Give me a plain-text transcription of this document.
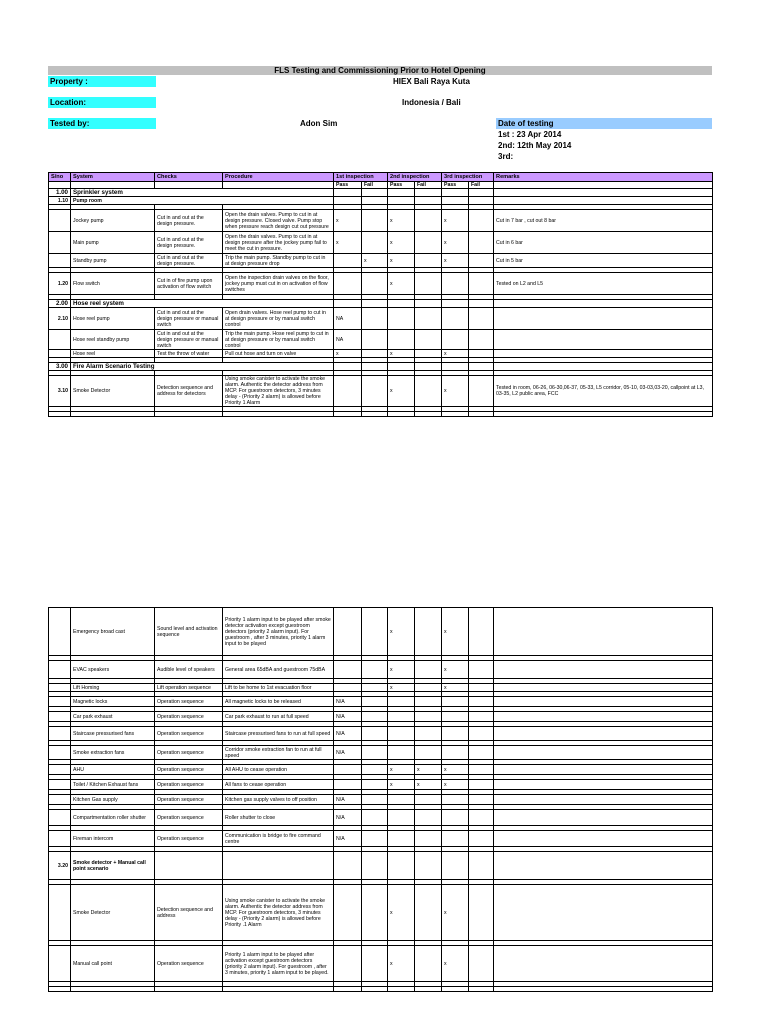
FLS Testing and Commissioning Prior to Hotel Opening
Property :	HIEX Bali Raya Kuta
Location:	Indonesia / Bali
Tested by:	Adon Sim	Date of testing
1st : 23 Apr 2014
2nd: 12th May 2014
3rd:
S/no	System	Checks	Procedure	1st inspection		2nd inspection		3rd inspection		Remarks
				Pass	Fail	Pass	Fail	Pass	Fail	
1.00	Sprinkler system									
1.10	Pump room									

	Jockey pump	Cut in and out at the design pressure.	Open the drain valves. Pump to cut in at design pressure. Closed valve. Pump stop when pressure reach design cut out pressure	x		x		x		Cut in 7 bar , cut out 8 bar
	Main pump	Cut in and out at the design pressure.	Open the drain valves. Pump to cut in at design pressure after the jockey pump fail to meet the cut in pressure.	x		x		x		Cut in 6 bar
	Standby pump	Cut in and out at the design pressure.	Trip the main pump. Standby pump to cut in at design pressure drop		x	x		x		Cut in 5 bar

1.20	Flow switch	Cut in of fire pump upon activation of flow switch	Open the inspection drain valves on the floor, jockey pump must cut in on activation of flow switches			x				Tested on L2 and L5

2.00	Hose reel system									
2.10	Hose reel pump	Cut in and out at the design pressure or manual switch	Open drain valves. Hose reel pump to cut in at design pressure or by manual switch control	NA						
	Hose reel standby pump	Cut in and out at the design pressure or manual switch	Trip the main pump. Hose reel pump to cut in at design pressure or by manual switch control	NA						
	Hose reel	Test the throw of water	Pull out hose and turn on valve	x		x		x		

3.00	Fire Alarm Scenario Testing									

3.10	Smoke Detector	Detection sequence and address for detectors	Using smoke canister to activate the smoke alarm. Authentic the detector address from MCP. For guestroom detectors, 3 minutes delay - (Priority 2 alarm) is allowed before Priority 1 Alarm			x		x		Tested in room, 06-26, 06-30,06-37, 05-33, L5 corridor, 05-10, 03-03,03-20, callpoint at L3, 03-35, L2 public area, FCC

	Emergency broad cast	Sound level and activation sequence	Priority 1 alarm input to be played after smoke detector activation except guestroom detectors (priority 2 alarm input). For guestroom , after 3 minutes, priority 1 alarm input to be played			x		x		

	EVAC speakers	Audible level of speakers	General area 65dBA and guestroom 75dBA			x		x		

	Lift Homing	Lift operation sequence	Lift to be home to 1st evacuation floor			x		x		

	Magnetic locks	Operation sequence	All magnetic locks to be released	N/A						

	Car park exhaust	Operation sequence	Car park exhaust to run at full speed	N/A						

	Staircase pressurised fans	Operation sequence	Staircase pressurised fans to run at full speed	N/A						

	Smoke extraction fans	Operation sequence	Corridor smoke extraction fan to run at full speed	N/A						

	AHU	Operation sequence	All AHU to cease operation			x	x	x		

	Toilet / Kitchen Exhaust fans	Operation sequence	All fans to cease operation			x	x	x		

	Kitchen Gas supply	Operation sequence	Kitchen gas supply valves to off position	N/A						

	Compartmentation roller shutter	Operation sequence	Roller shutter to close	N/A						

	Fireman intercom	Operation sequence	Communication is bridge to fire command centre	N/A						

3.20	Smoke detector + Manual call point scenario									

	Smoke Detector	Detection sequence and address	Using smoke canister to activate the smoke alarm. Authentic the detector address from MCP. For guestroom detectors, 3 minutes delay - (Priority 2 alarm) is allowed before Priority .1 Alarm			x		x		

	Manual call point	Operation sequence	Priority 1 alarm input to be played after activation except guestroom detectors (priority 2 alarm input). For guestroom , after 3 minutes, priority 1 alarm input to be played.			x		x		
